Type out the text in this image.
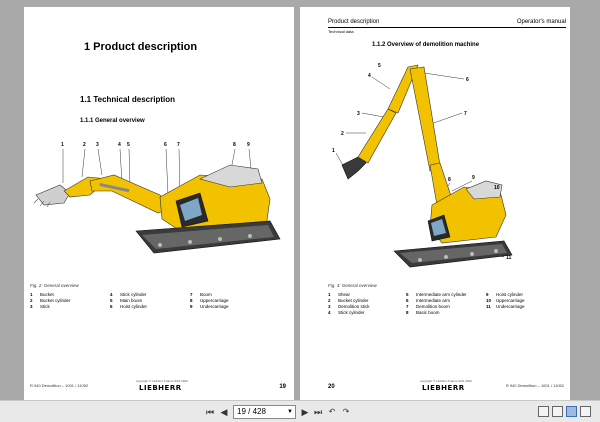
1 Product description
1.1 Technical description
1.1.1 General overview
1	2 3	4 5	6 7	8 9
Fig. 2: General overview
1 Bucket
2 Bucket cylinder
3 Stick
4 Stick cylinder
5 Main boom
6 Hoist cylinder
7 Boom
8 Uppercarriage
9 Undercarriage
R 940 Demolition – 1001 / 11052
copyright © Liebherr-France SAS 2020
LIEBHERR	19
Product description	Operator's manual
Technical data
1.1.2 Overview of demolition machine
1
2
3
4
5
6
7
8	9
10
11
Fig. 3: General overview
1 Shear
2 Bucket cylinder
3 Demolition stick
4 Stick cylinder
5 Intermediate arm cylinder
6 Intermediate arm
7 Demolition boom
8 Basic boom
9 Hoist cylinder
10 Uppercarriage
11 Undercarriage
20
copyright © Liebherr-France SAS 2020
LIEBHERR	R 940 Demolition – 1001 / 11052
⏮ ◀	19 / 428	▼ ▶ ⏭ ↶ ↷
